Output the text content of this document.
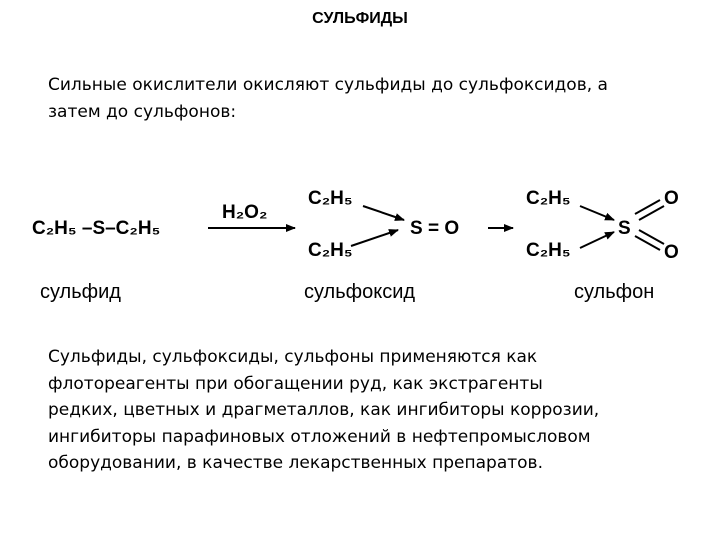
СУЛЬФИДЫ
Сильные окислители окисляют сульфиды до сульфоксидов, а
затем до сульфонов:
C₂H₅ –S–C₂H₅
H₂O₂
C₂H₅
C₂H₅
S = O
C₂H₅
C₂H₅
S
O
O
сульфид	сульфоксид	сульфон
Сульфиды, сульфоксиды, сульфоны применяются как
флотореагенты при обогащении руд, как экстрагенты
редких, цветных и драгметаллов, как ингибиторы коррозии,
ингибиторы парафиновых отложений в нефтепромысловом
оборудовании, в качестве лекарственных препаратов.
